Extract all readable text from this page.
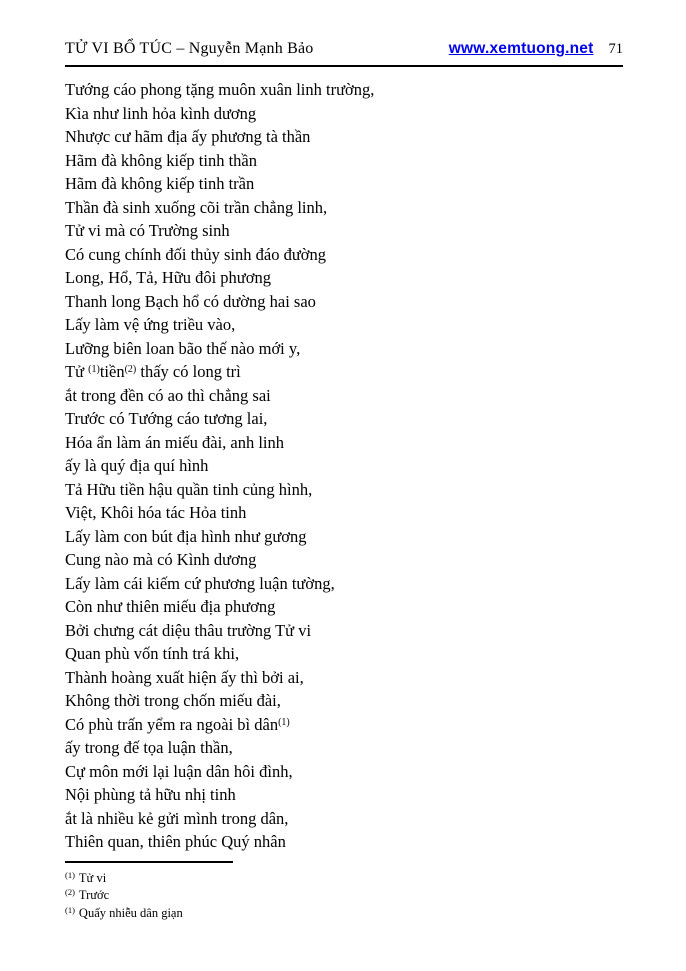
TỬ VI BỔ TÚC – Nguyễn Mạnh Bảo	www.xemtuong.net 71
Tướng cáo phong tặng muôn xuân linh trường,
Kìa như linh hỏa kình dương
Nhược cư hãm địa ấy phương tà thần
Hãm đà không kiếp tinh thần
Hãm đà không kiếp tinh trần
Thần đà sinh xuống cõi trần chẳng linh,
Tử vi mà có Trường sinh
Có cung chính đối thủy sinh đáo đường
Long, Hổ, Tả, Hữu đôi phương
Thanh long Bạch hổ có dường hai sao
Lấy làm vệ ứng triều vào,
Lưỡng biên loan bão thế nào mới y,
Tử $^{(1)}$tiền$^{(2)}$ thấy có long trì
ắt trong đền có ao thì chẳng sai
Trước có Tướng cáo tương lai,
Hóa ẩn làm án miếu đài, anh linh
ấy là quý địa quí hình
Tả Hữu tiền hậu quần tinh củng hình,
Việt, Khôi hóa tác Hỏa tinh
Lấy làm con bút địa hình như gương
Cung nào mà có Kình dương
Lấy làm cái kiếm cứ phương luận tường,
Còn như thiên miếu địa phương
Bởi chưng cát diệu thâu trường Tử vi
Quan phù vốn tính trá khi,
Thành hoàng xuất hiện ấy thì bởi ai,
Không thời trong chốn miếu đài,
Có phù trấn yểm ra ngoài bì dân$^{(1)}$
ấy trong đế tọa luận thần,
Cự môn mới lại luận dân hôi đình,
Nội phùng tả hữu nhị tinh
ắt là nhiều kẻ gửi mình trong dân,
Thiên quan, thiên phúc Quý nhân
$^{(1)}$ Tử vi
$^{(2)}$ Trước
$^{(1)}$ Quấy nhiễu dân giạn
